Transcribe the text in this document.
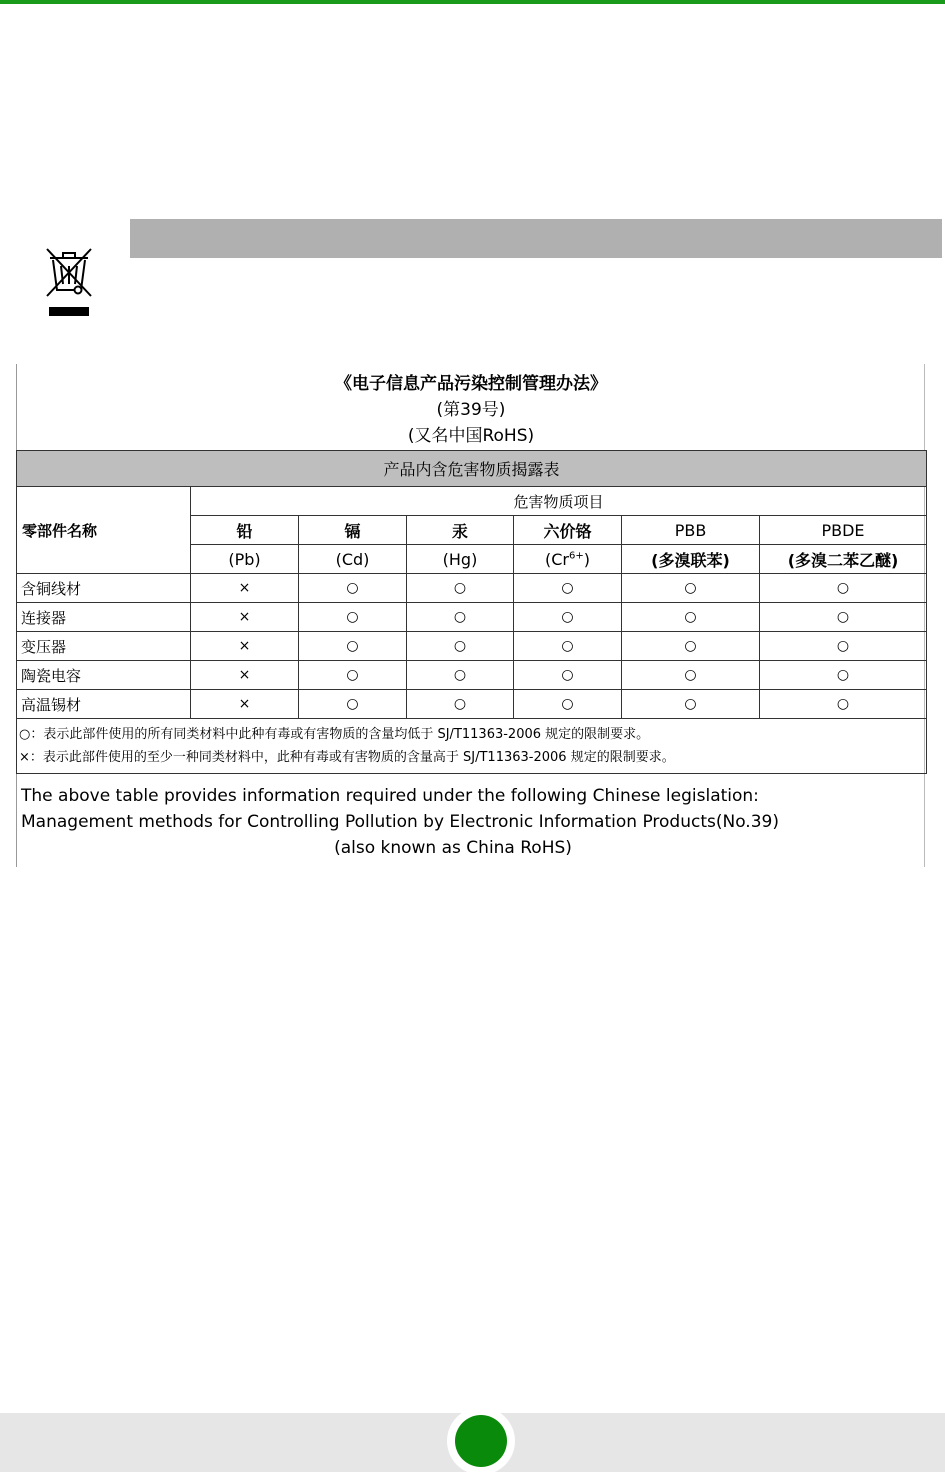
《电子信息产品污染控制管理办法》
(第39号)
(又名中国RoHS)
产品内含危害物质揭露表						
零部件名称	危害物质项目					
	铅	镉	汞	六价铬	PBB	PBDE
	(Pb)	(Cd)	(Hg)	$(Cr^{6+})$	(多溴联苯)	(多溴二苯乙醚)
含铜线材	×	○	○	○	○	○
连接器	×	○	○	○	○	○
变压器	×	○	○	○	○	○
陶瓷电容	×	○	○	○	○	○
高温锡材	×	○	○	○	○	○

○：表示此部件使用的所有同类材料中此种有毒或有害物质的含量均低于 SJ/T11363-2006 规定的限制要求。
×：表示此部件使用的至少一种同类材料中，此种有毒或有害物质的含量高于 SJ/T11363-2006 规定的限制要求。						
The above table provides information required under the following Chinese legislation:
Management methods for Controlling Pollution by Electronic Information Products(No.39)
(also known as China RoHS)
